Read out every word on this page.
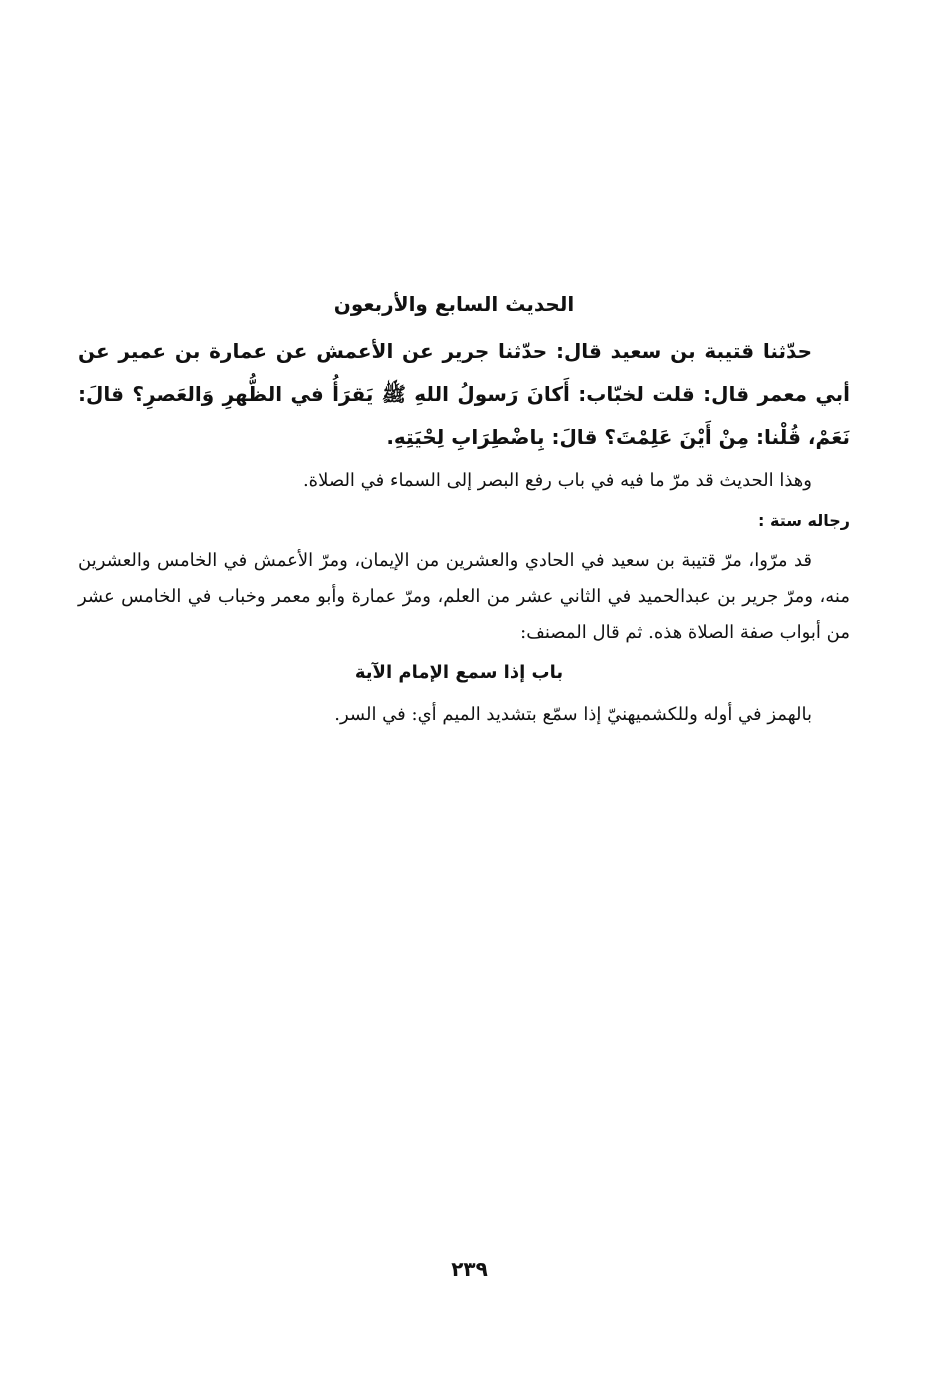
الحديث السابع والأربعون

حدّثنا قتيبة بن سعيد قال: حدّثنا جرير عن الأعمش عن عمارة بن عمير عن أبي معمر قال: قلت لخبّاب: أَكانَ رَسولُ اللهِ ﷺ يَقرَأُ في الظُّهرِ وَالعَصرِ؟ قالَ: نَعَمْ، قُلْنا: مِنْ أَيْنَ عَلِمْتَ؟ قالَ: بِاضْطِرَابِ لِحْيَتِهِ.

وهذا الحديث قد مرّ ما فيه في باب رفع البصر إلى السماء في الصلاة.

رجاله ستة :

قد مرّوا، مرّ قتيبة بن سعيد في الحادي والعشرين من الإيمان، ومرّ الأعمش في الخامس والعشرين منه، ومرّ جرير بن عبدالحميد في الثاني عشر من العلم، ومرّ عمارة وأبو معمر وخباب في الخامس عشر من أبواب صفة الصلاة هذه. ثم قال المصنف:

باب إذا سمع الإمام الآية

بالهمز في أوله وللكشميهنيّ إذا سمّع بتشديد الميم أي: في السر.

٢٣٩
